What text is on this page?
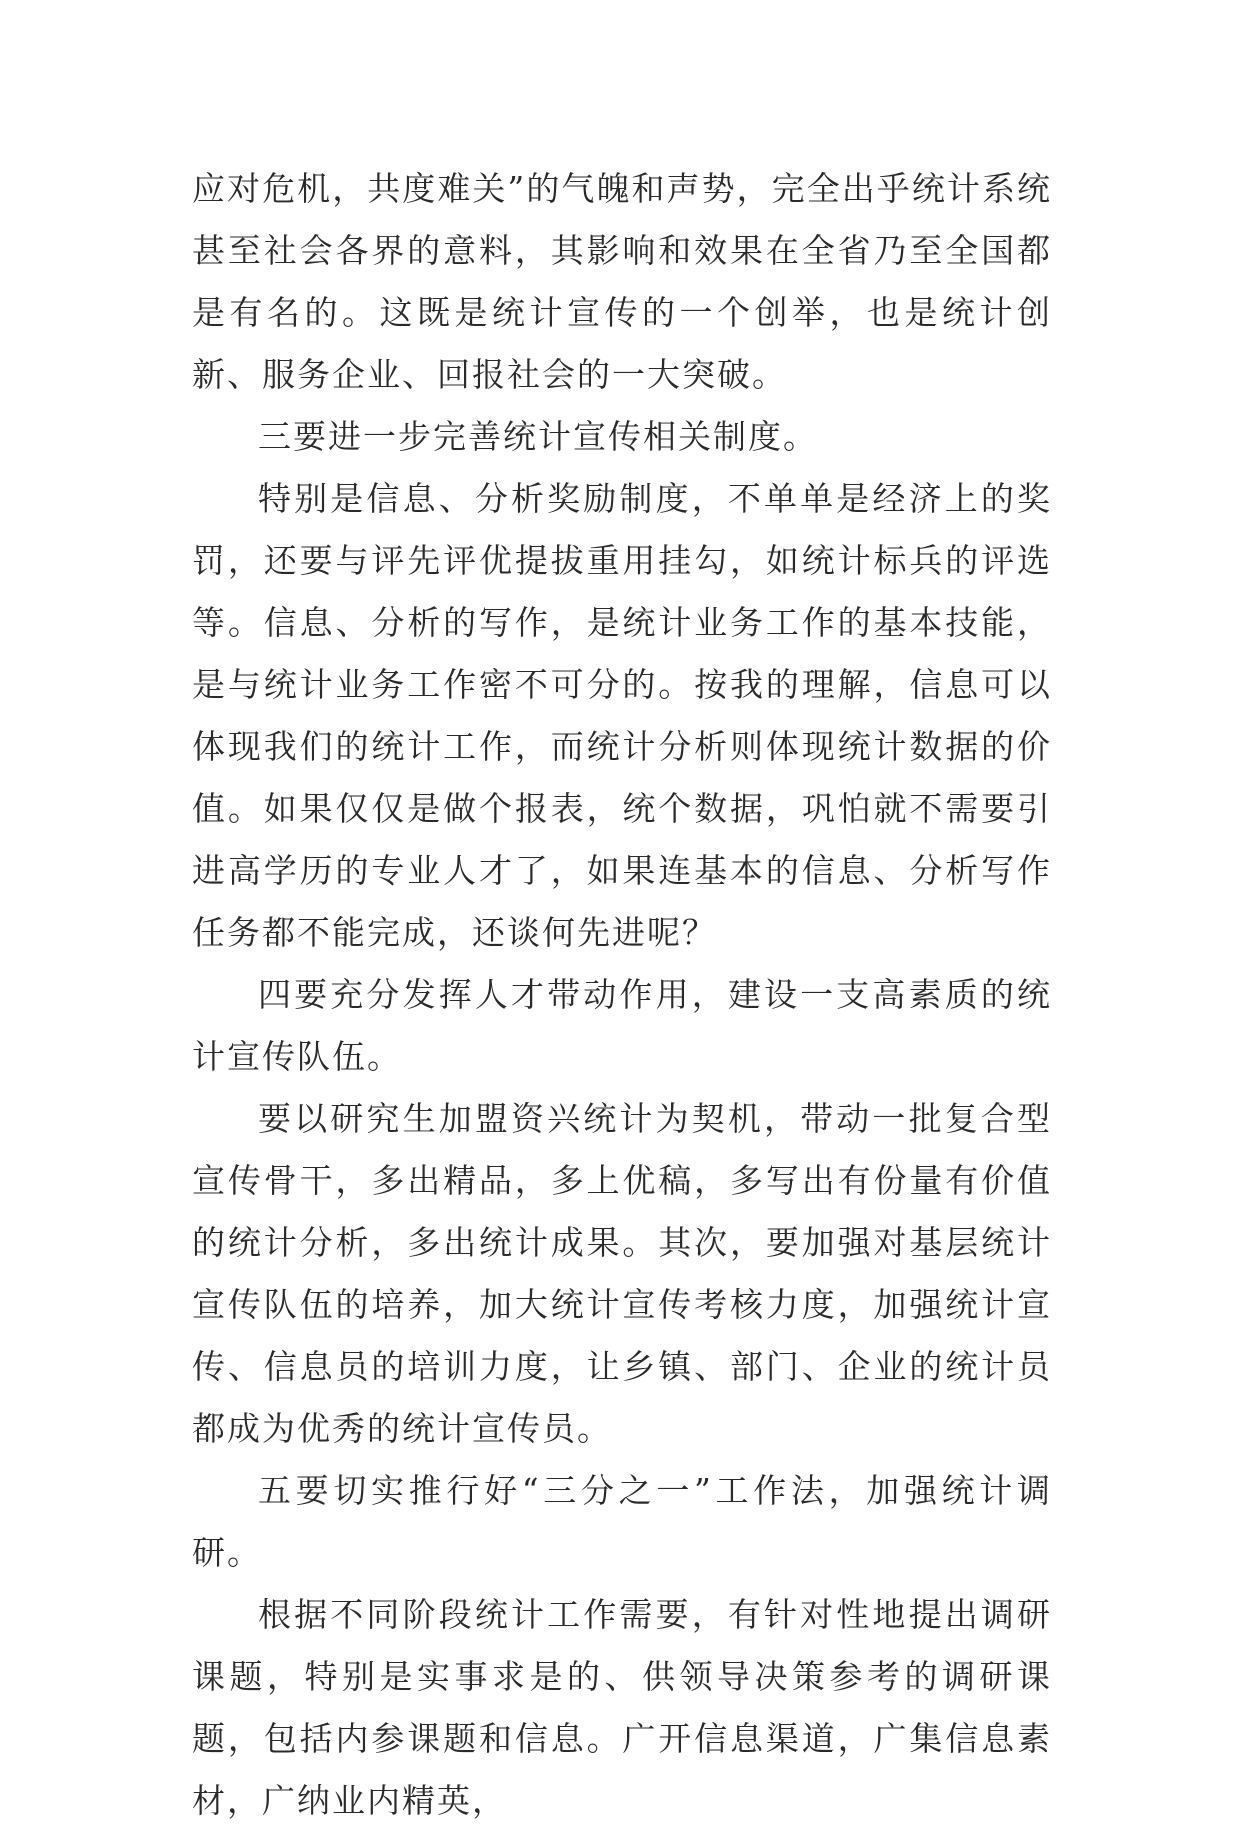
应对危机，共度难关”的气魄和声势，完全出乎统计系统甚至社会各界的意料，其影响和效果在全省乃至全国都是有名的。这既是统计宣传的一个创举，也是统计创新、服务企业、回报社会的一大突破。

三要进一步完善统计宣传相关制度。

特别是信息、分析奖励制度，不单单是经济上的奖罚，还要与评先评优提拔重用挂勾，如统计标兵的评选等。信息、分析的写作，是统计业务工作的基本技能，是与统计业务工作密不可分的。按我的理解，信息可以体现我们的统计工作，而统计分析则体现统计数据的价值。如果仅仅是做个报表，统个数据，巩怕就不需要引进高学历的专业人才了，如果连基本的信息、分析写作任务都不能完成，还谈何先进呢？

四要充分发挥人才带动作用，建设一支高素质的统计宣传队伍。

要以研究生加盟资兴统计为契机，带动一批复合型宣传骨干，多出精品，多上优稿，多写出有份量有价值的统计分析，多出统计成果。其次，要加强对基层统计宣传队伍的培养，加大统计宣传考核力度，加强统计宣传、信息员的培训力度，让乡镇、部门、企业的统计员都成为优秀的统计宣传员。

五要切实推行好“三分之一”工作法，加强统计调研。

根据不同阶段统计工作需要，有针对性地提出调研课题，特别是实事求是的、供领导决策参考的调研课题，包括内参课题和信息。广开信息渠道，广集信息素材，广纳业内精英，
